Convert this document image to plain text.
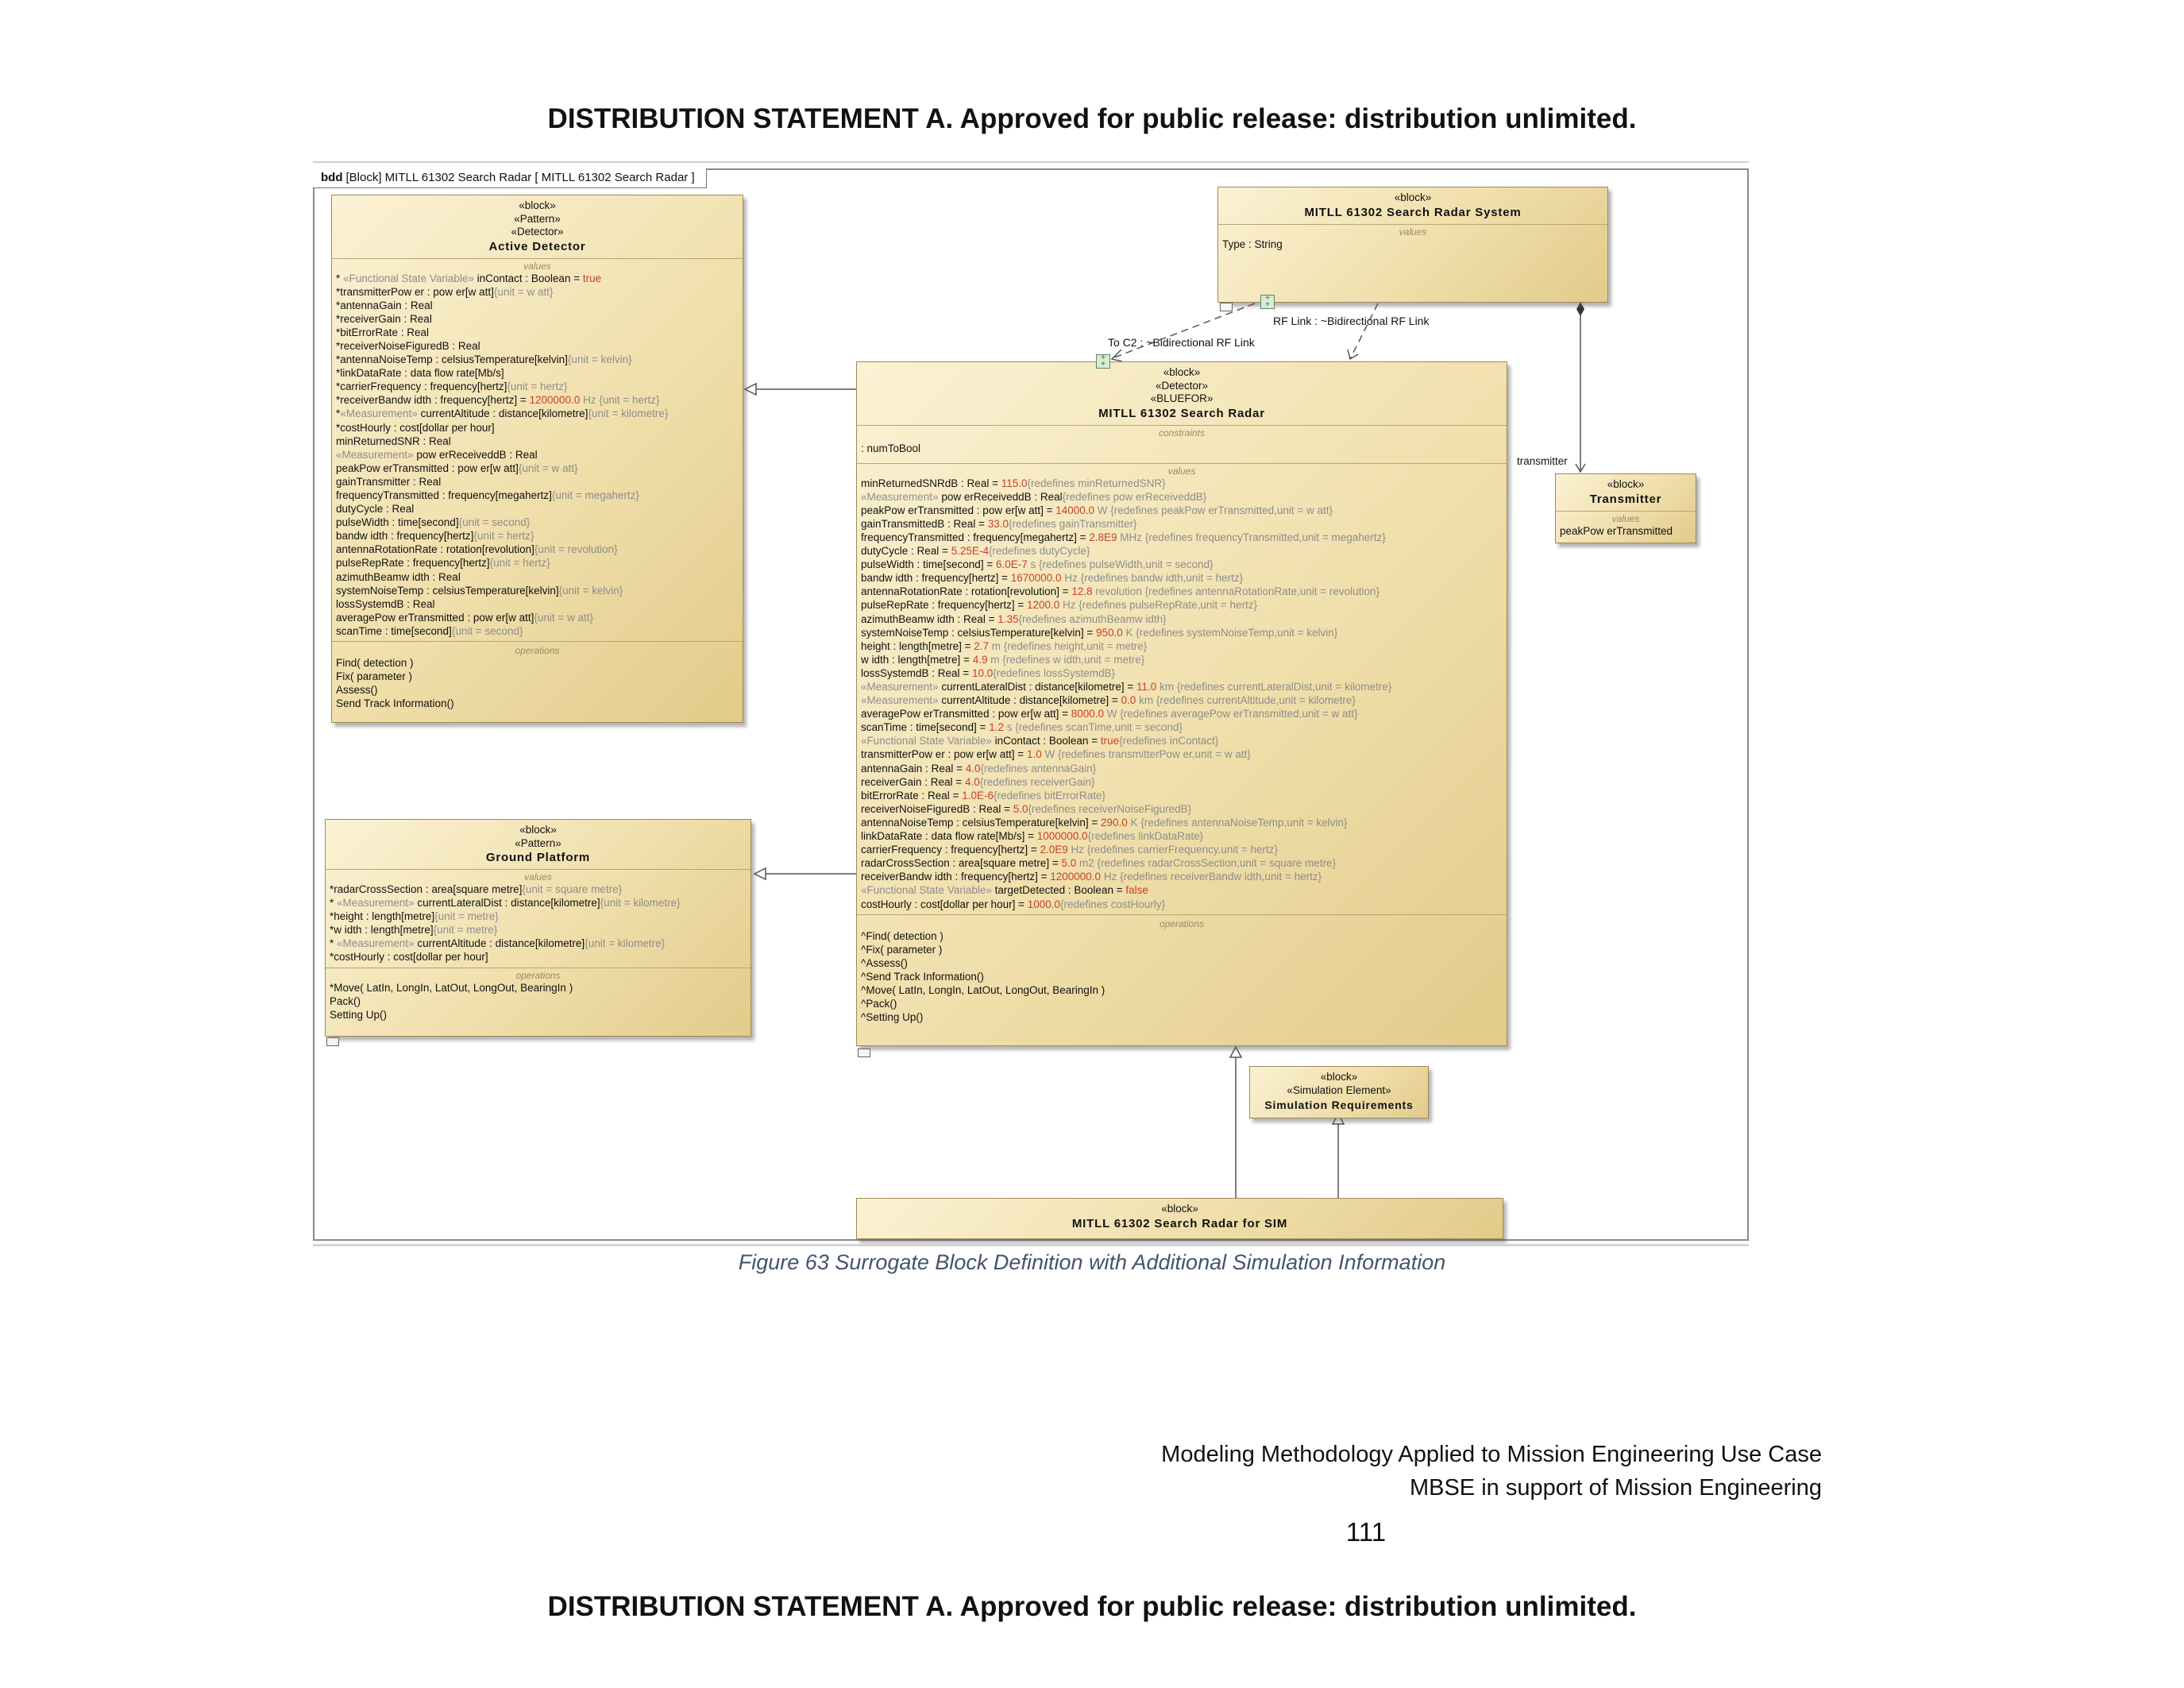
DISTRIBUTION STATEMENT A. Approved for public release: distribution unlimited.
bdd [Block] MITLL 61302 Search Radar [ MITLL 61302 Search Radar ]
«block»
«Pattern»
«Detector»
Active Detector
values
* «Functional State Variable» inContact : Boolean = true
*transmitterPow er : pow er[w att]{unit = w att}
*antennaGain : Real
*receiverGain : Real
*bitErrorRate : Real
*receiverNoiseFiguredB : Real
*antennaNoiseTemp : celsiusTemperature[kelvin]{unit = kelvin}
*linkDataRate : data flow rate[Mb/s]
*carrierFrequency : frequency[hertz]{unit = hertz}
*receiverBandw idth : frequency[hertz] = 1200000.0 Hz {unit = hertz}
*«Measurement» currentAltitude : distance[kilometre]{unit = kilometre}
*costHourly : cost[dollar per hour]
minReturnedSNR : Real
«Measurement» pow erReceiveddB : Real
peakPow erTransmitted : pow er[w att]{unit = w att}
gainTransmitter : Real
frequencyTransmitted : frequency[megahertz]{unit = megahertz}
dutyCycle : Real
pulseWidth : time[second]{unit = second}
bandw idth : frequency[hertz]{unit = hertz}
antennaRotationRate : rotation[revolution]{unit = revolution}
pulseRepRate : frequency[hertz]{unit = hertz}
azimuthBeamw idth : Real
systemNoiseTemp : celsiusTemperature[kelvin]{unit = kelvin}
lossSystemdB : Real
averagePow erTransmitted : pow er[w att]{unit = w att}
scanTime : time[second]{unit = second}
operations
Find( detection )
Fix( parameter )
Assess()
Send Track Information()
«block»
«Pattern»
Ground Platform
values
*radarCrossSection : area[square metre]{unit = square metre}
* «Measurement» currentLateralDist : distance[kilometre]{unit = kilometre}
*height : length[metre]{unit = metre}
*w idth : length[metre]{unit = metre}
* «Measurement» currentAltitude : distance[kilometre]{unit = kilometre}
*costHourly : cost[dollar per hour]
operations
*Move( LatIn, LongIn, LatOut, LongOut, BearingIn )
Pack()
Setting Up()
«block»
«Detector»
«BLUEFOR»
MITLL 61302 Search Radar
constraints
: numToBool
values
minReturnedSNRdB : Real = 115.0{redefines minReturnedSNR}
«Measurement» pow erReceiveddB : Real{redefines pow erReceiveddB}
peakPow erTransmitted : pow er[w att] = 14000.0 W {redefines peakPow erTransmitted,unit = w att}
gainTransmittedB : Real = 33.0{redefines gainTransmitter}
frequencyTransmitted : frequency[megahertz] = 2.8E9 MHz {redefines frequencyTransmitted,unit = megahertz}
dutyCycle : Real = 5.25E-4{redefines dutyCycle}
pulseWidth : time[second] = 6.0E-7 s {redefines pulseWidth,unit = second}
bandw idth : frequency[hertz] = 1670000.0 Hz {redefines bandw idth,unit = hertz}
antennaRotationRate : rotation[revolution] = 12.8 revolution {redefines antennaRotationRate,unit = revolution}
pulseRepRate : frequency[hertz] = 1200.0 Hz {redefines pulseRepRate,unit = hertz}
azimuthBeamw idth : Real = 1.35{redefines azimuthBeamw idth}
systemNoiseTemp : celsiusTemperature[kelvin] = 950.0 K {redefines systemNoiseTemp,unit = kelvin}
height : length[metre] = 2.7 m {redefines height,unit = metre}
w idth : length[metre] = 4.9 m {redefines w idth,unit = metre}
lossSystemdB : Real = 10.0{redefines lossSystemdB}
«Measurement» currentLateralDist : distance[kilometre] = 11.0 km {redefines currentLateralDist,unit = kilometre}
«Measurement» currentAltitude : distance[kilometre] = 0.0 km {redefines currentAltitude,unit = kilometre}
averagePow erTransmitted : pow er[w att] = 8000.0 W {redefines averagePow erTransmitted,unit = w att}
scanTime : time[second] = 1.2 s {redefines scanTime,unit = second}
«Functional State Variable» inContact : Boolean = true{redefines inContact}
transmitterPow er : pow er[w att] = 1.0 W {redefines transmitterPow er,unit = w att}
antennaGain : Real = 4.0{redefines antennaGain}
receiverGain : Real = 4.0{redefines receiverGain}
bitErrorRate : Real = 1.0E-6{redefines bitErrorRate}
receiverNoiseFiguredB : Real = 5.0{redefines receiverNoiseFiguredB}
antennaNoiseTemp : celsiusTemperature[kelvin] = 290.0 K {redefines antennaNoiseTemp,unit = kelvin}
linkDataRate : data flow rate[Mb/s] = 1000000.0{redefines linkDataRate}
carrierFrequency : frequency[hertz] = 2.0E9 Hz {redefines carrierFrequency,unit = hertz}
radarCrossSection : area[square metre] = 5.0 m2 {redefines radarCrossSection,unit = square metre}
receiverBandw idth : frequency[hertz] = 1200000.0 Hz {redefines receiverBandw idth,unit = hertz}
«Functional State Variable» targetDetected : Boolean = false
costHourly : cost[dollar per hour] = 1000.0{redefines costHourly}
operations
^Find( detection )
^Fix( parameter )
^Assess()
^Send Track Information()
^Move( LatIn, LongIn, LatOut, LongOut, BearingIn )
^Pack()
^Setting Up()
+
+
«block»
MITLL 61302 Search Radar System
values
Type : String
+
+
«block»
Transmitter
values
peakPow erTransmitted
«block»
«Simulation Element»
Simulation Requirements
«block»
MITLL 61302 Search Radar for SIM
To C2 : ~Bidirectional RF Link
RF Link : ~Bidirectional RF Link
transmitter
Figure 63 Surrogate Block Definition with Additional Simulation Information
Modeling Methodology Applied to Mission Engineering Use Case
MBSE in support of Mission Engineering
111
DISTRIBUTION STATEMENT A. Approved for public release: distribution unlimited.
